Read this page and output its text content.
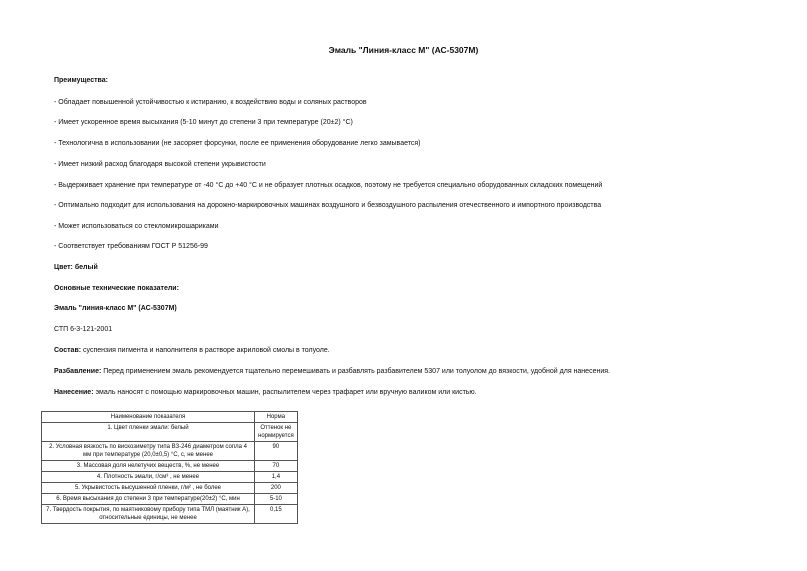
Эмаль "Линия-класс М" (АС-5307М)
Преимущества:
- Обладает повышенной устойчивостью к истиранию, к воздействию воды и соляных растворов
- Имеет ускоренное время высыхания (5-10 минут до степени 3 при температуре (20±2) °С)
- Технологична в использовании (не засоряет форсунки, после ее применения оборудование легко замывается)
- Имеет низкий расход благодаря высокой степени укрывистости
- Выдерживает хранение при температуре от -40 °С до +40 °С и не образует плотных осадков, поэтому не требуется специально оборудованных складских помещений
- Оптимально подходит для использования на дорожно-маркировочных машинах воздушного и безвоздушного распыления отечественного и импортного производства
- Может использоваться со стекломикрошариками
- Соответствует требованиям ГОСТ Р 51256-99
Цвет: белый
Основные технические показатели:
Эмаль "линия-класс М" (АС-5307М)
СТП 6-3-121-2001
Состав: суспензия пигмента и наполнителя в растворе акриловой смолы в толуоле.
Разбавление: Перед применением эмаль рекомендуется тщательно перемешивать и разбавлять разбавителем 5307 или толуолом до вязкости, удобной для нанесения.
Нанесение: эмаль наносят с помощью маркировочных машин, распылителем через трафарет или вручную валиком или кистью.
Наименование показателя	Норма
1. Цвет пленки эмали: белый	Оттенок не нормируется
2. Условная вязкость по вискозиметру типа ВЗ-246 диаметром сопла 4 мм при температуре (20,0±0,5) °С, с, не менее	90
3. Массовая доля нелетучих веществ, %, не менее	70
4. Плотность эмали, г/см³ , не менее	1,4
5. Укрывистость высушенной пленки, г/м² , не более	200
6. Время высыхания до степени 3 при температуре(20±2) °С, мин	5-10
7. Твердость покрытия, по маятниковому прибору типа ТМЛ (маятник А), относительные единицы, не менее	0,15
